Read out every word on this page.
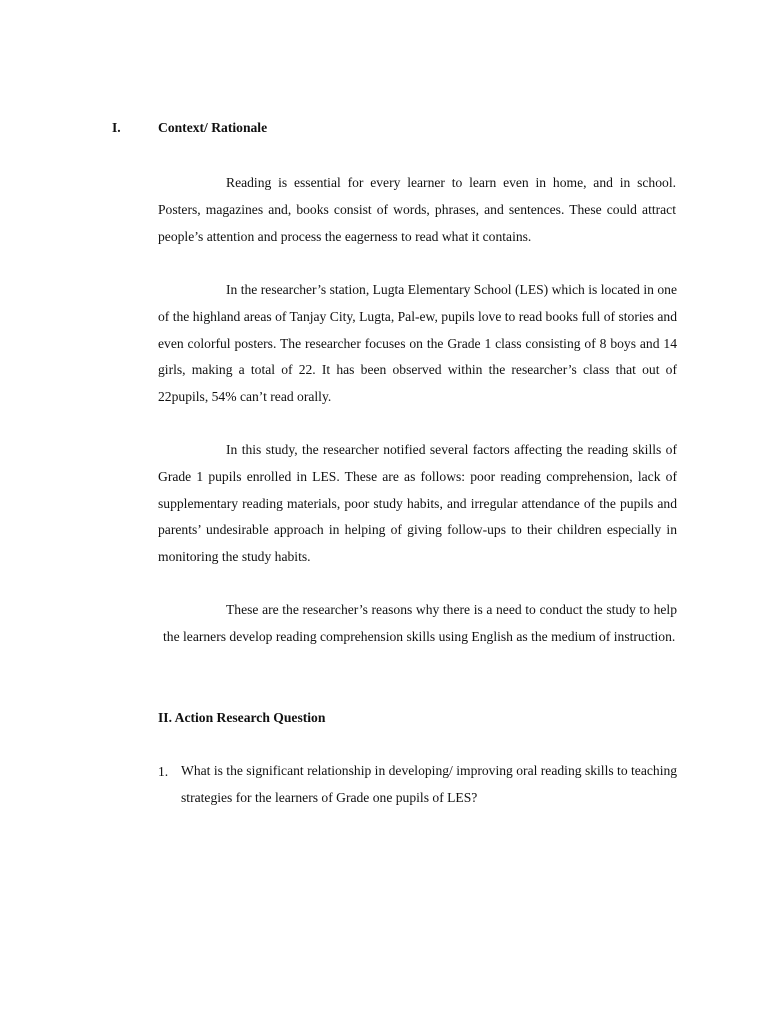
I.	Context/ Rationale

Reading is essential for every learner to learn even in home, and in school. Posters, magazines and, books consist of words, phrases, and sentences. These could attract people’s attention and process the eagerness to read what it contains.

In the researcher’s station, Lugta Elementary School (LES) which is located in one of the highland areas of Tanjay City, Lugta, Pal-ew, pupils love to read books full of stories and even colorful posters. The researcher focuses on the Grade 1 class consisting of 8 boys and 14 girls, making a total of 22. It has been observed within the researcher’s class that out of 22pupils, 54% can’t read orally.

In this study, the researcher notified several factors affecting the reading skills of Grade 1 pupils enrolled in LES. These are as follows: poor reading comprehension, lack of supplementary reading materials, poor study habits, and irregular attendance of the pupils and parents’ undesirable approach in helping of giving follow-ups to their children especially in monitoring the study habits.

These are the researcher’s reasons why there is a need to conduct the study to help the learners develop reading comprehension skills using English as the medium of instruction.

II. Action Research Question
1. What is the significant relationship in developing/ improving oral reading skills to teaching strategies for the learners of Grade one pupils of LES?
